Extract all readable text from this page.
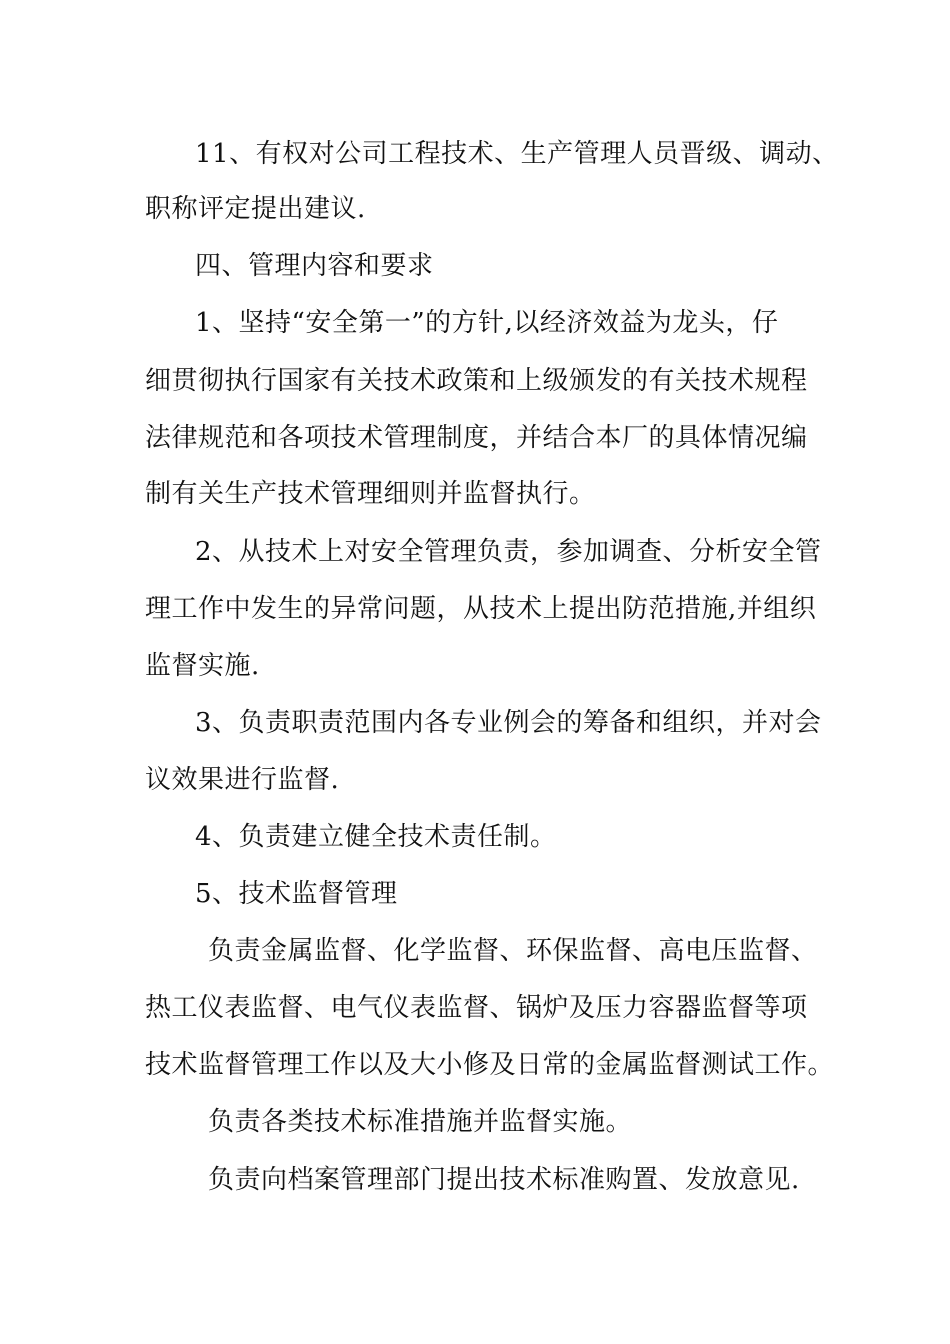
11、有权对公司工程技术、生产管理人员晋级、调动、
职称评定提出建议.
四、管理内容和要求
1、坚持“安全第一”的方针,以经济效益为龙头，仔
细贯彻执行国家有关技术政策和上级颁发的有关技术规程
法律规范和各项技术管理制度，并结合本厂的具体情况编
制有关生产技术管理细则并监督执行。
2、从技术上对安全管理负责，参加调查、分析安全管
理工作中发生的异常问题，从技术上提出防范措施,并组织
监督实施.
3、负责职责范围内各专业例会的筹备和组织，并对会
议效果进行监督.
4、负责建立健全技术责任制。
5、技术监督管理
负责金属监督、化学监督、环保监督、高电压监督、
热工仪表监督、电气仪表监督、锅炉及压力容器监督等项
技术监督管理工作以及大小修及日常的金属监督测试工作。
负责各类技术标准措施并监督实施。
负责向档案管理部门提出技术标准购置、发放意见.
